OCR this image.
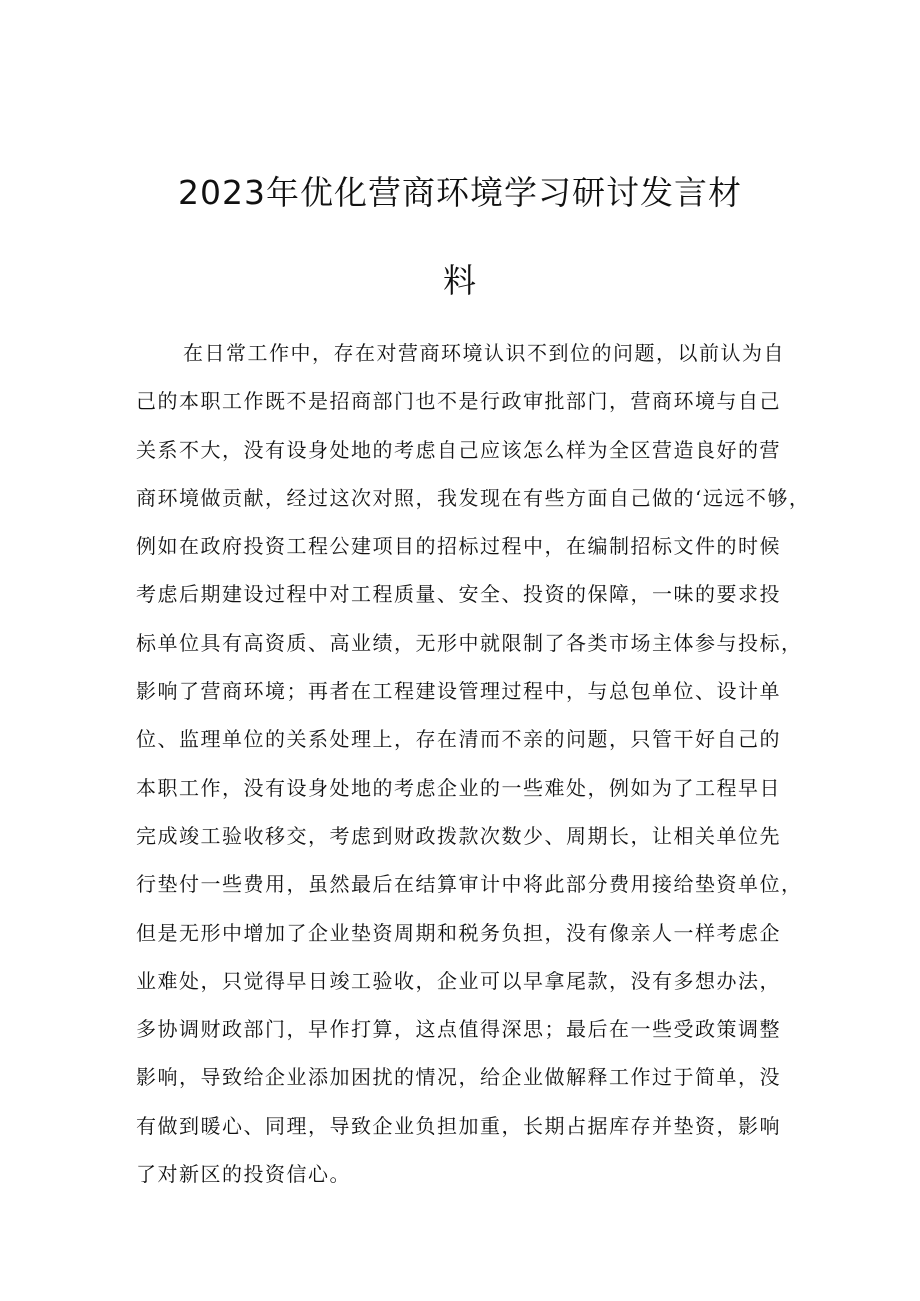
2023年优化营商环境学习研讨发言材
料
在日常工作中，存在对营商环境认识不到位的问题，以前认为自
己的本职工作既不是招商部门也不是行政审批部门，营商环境与自己
关系不大，没有设身处地的考虑自己应该怎么样为全区营造良好的营
商环境做贡献，经过这次对照，我发现在有些方面自己做的‘远远不够，
例如在政府投资工程公建项目的招标过程中，在编制招标文件的时候
考虑后期建设过程中对工程质量、安全、投资的保障，一味的要求投
标单位具有高资质、高业绩，无形中就限制了各类市场主体参与投标，
影响了营商环境；再者在工程建设管理过程中，与总包单位、设计单
位、监理单位的关系处理上，存在清而不亲的问题，只管干好自己的
本职工作，没有设身处地的考虑企业的一些难处，例如为了工程早日
完成竣工验收移交，考虑到财政拨款次数少、周期长，让相关单位先
行垫付一些费用，虽然最后在结算审计中将此部分费用接给垫资单位，
但是无形中增加了企业垫资周期和税务负担，没有像亲人一样考虑企
业难处，只觉得早日竣工验收，企业可以早拿尾款，没有多想办法，
多协调财政部门，早作打算，这点值得深思；最后在一些受政策调整
影响，导致给企业添加困扰的情况，给企业做解释工作过于简单，没
有做到暖心、同理，导致企业负担加重，长期占据库存并垫资，影响
了对新区的投资信心。
